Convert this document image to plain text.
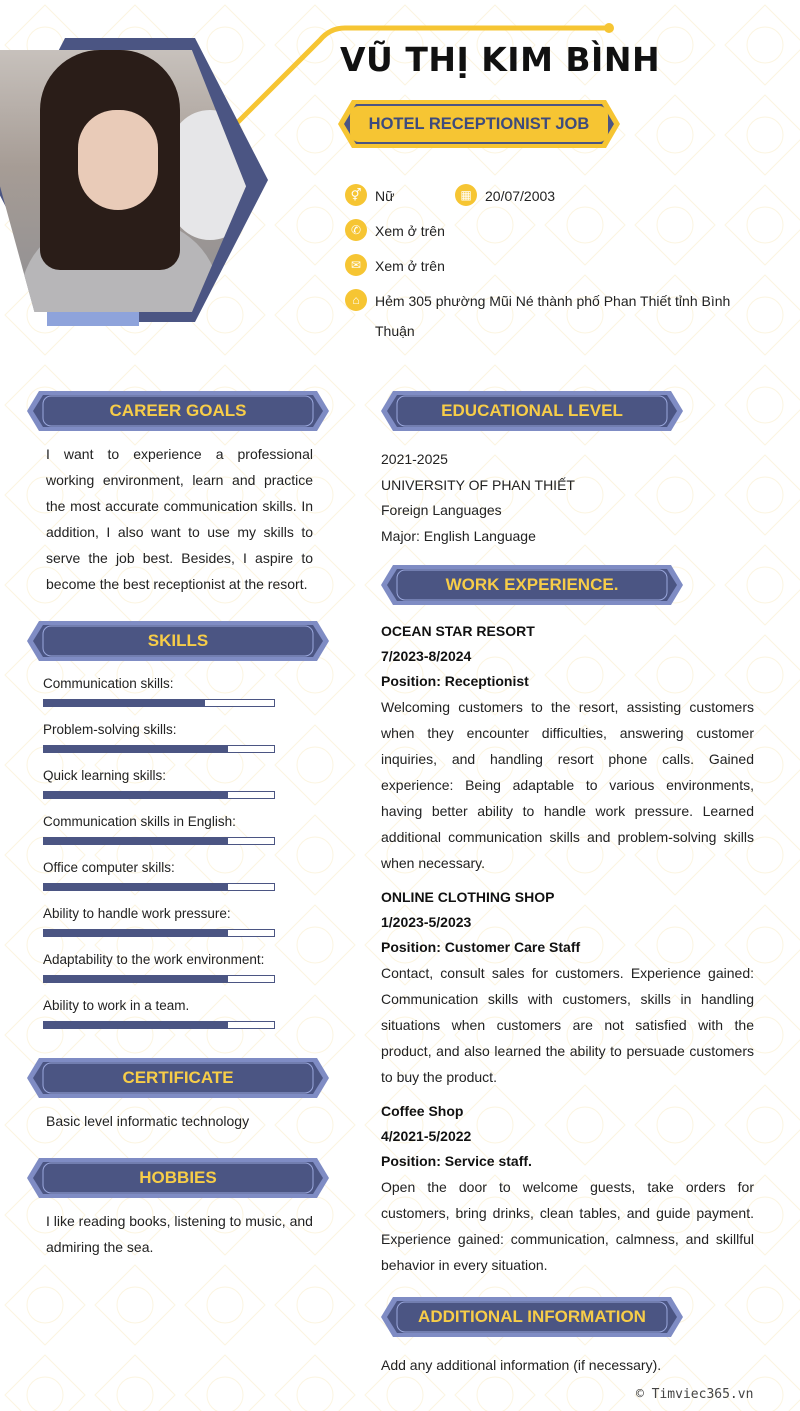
VŨ THỊ KIM BÌNH
HOTEL RECEPTIONIST JOB
⚥ Nữ	▦ 20/07/2003
✆ Xem ở trên
✉ Xem ở trên
⌂	Hẻm 305 phường Mũi Né thành phố Phan Thiết tỉnh Bình Thuận
CAREER GOALS
I want to experience a professional working environment, learn and practice the most accurate communication skills. In addition, I also want to use my skills to serve the job best. Besides, I aspire to become the best receptionist at the resort.
SKILLS
Communication skills:
Problem-solving skills:
Quick learning skills:
Communication skills in English:
Office computer skills:
Ability to handle work pressure:
Adaptability to the work environment:
Ability to work in a team.
CERTIFICATE
Basic level informatic technology
HOBBIES
I like reading books, listening to music, and admiring the sea.
EDUCATIONAL LEVEL
2021-2025
UNIVERSITY OF PHAN THIẾT
Foreign Languages
Major: English Language
WORK EXPERIENCE.
OCEAN STAR RESORT
7/2023-8/2024
Position: Receptionist
Welcoming customers to the resort, assisting customers when they encounter difficulties, answering customer inquiries, and handling resort phone calls. Gained experience: Being adaptable to various environments, having better ability to handle work pressure. Learned additional communication skills and problem-solving skills when necessary.
ONLINE CLOTHING SHOP
1/2023-5/2023
Position: Customer Care Staff
Contact, consult sales for customers. Experience gained: Communication skills with customers, skills in handling situations when customers are not satisfied with the product, and also learned the ability to persuade customers to buy the product.
Coffee Shop
4/2021-5/2022
Position: Service staff.
Open the door to welcome guests, take orders for customers, bring drinks, clean tables, and guide payment. Experience gained: communication, calmness, and skillful behavior in every situation.
ADDITIONAL INFORMATION
Add any additional information (if necessary).
© Timviec365.vn
